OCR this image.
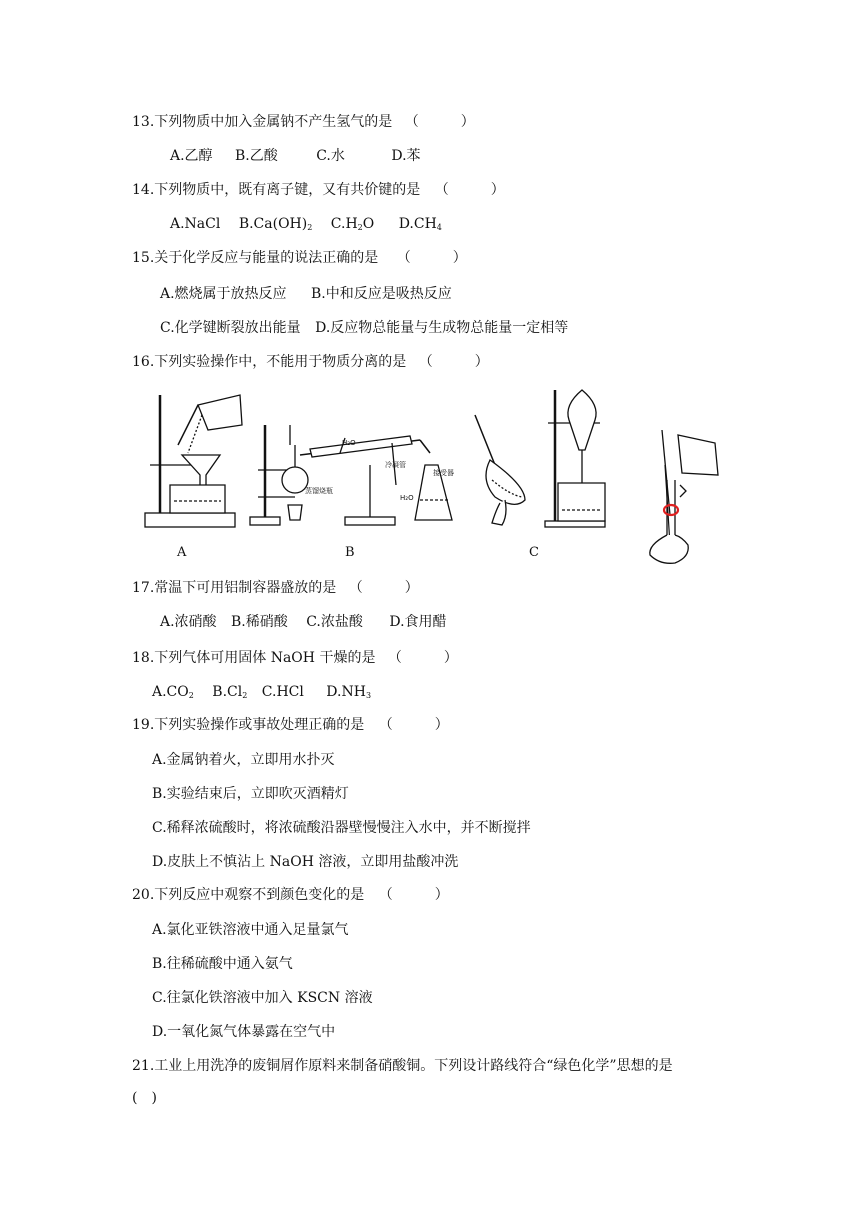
13.下列物质中加入金属钠不产生氢气的是 （　　　）
A.乙醇 B.乙酸	C.水	D.苯
14.下列物质中，既有离子键，又有共价键的是 （　　　）
A.NaCl $B.Ca(OH)_2$ $C.H_2O$ $D.CH_4$
15.关于化学反应与能量的说法正确的是 （　　　）
A.燃烧属于放热反应 B.中和反应是吸热反应
C.化学键断裂放出能量 D.反应物总能量与生成物总能量一定相等
16.下列实验操作中，不能用于物质分离的是 （　　　）
H₂O
冷凝管
接受器
蒸馏烧瓶
H₂O
A	B	C
17.常温下可用铝制容器盛放的是 （　　　）
A.浓硝酸 B.稀硝酸 C.浓盐酸 D.食用醋
18.下列气体可用固体 NaOH 干燥的是 （　　　）
$A.CO_2$ $B.Cl_2$ C.HCl $D.NH_3$
19.下列实验操作或事故处理正确的是 （　　　）
A.金属钠着火，立即用水扑灭
B.实验结束后，立即吹灭酒精灯
C.稀释浓硫酸时，将浓硫酸沿器壁慢慢注入水中，并不断搅拌
D.皮肤上不慎沾上 NaOH 溶液，立即用盐酸冲洗
20.下列反应中观察不到颜色变化的是 （　　　）
A.氯化亚铁溶液中通入足量氯气
B.往稀硫酸中通入氨气
C.往氯化铁溶液中加入 KSCN 溶液
D.一氧化氮气体暴露在空气中
21.工业上用洗净的废铜屑作原料来制备硝酸铜。下列设计路线符合“绿色化学”思想的是
(　)
